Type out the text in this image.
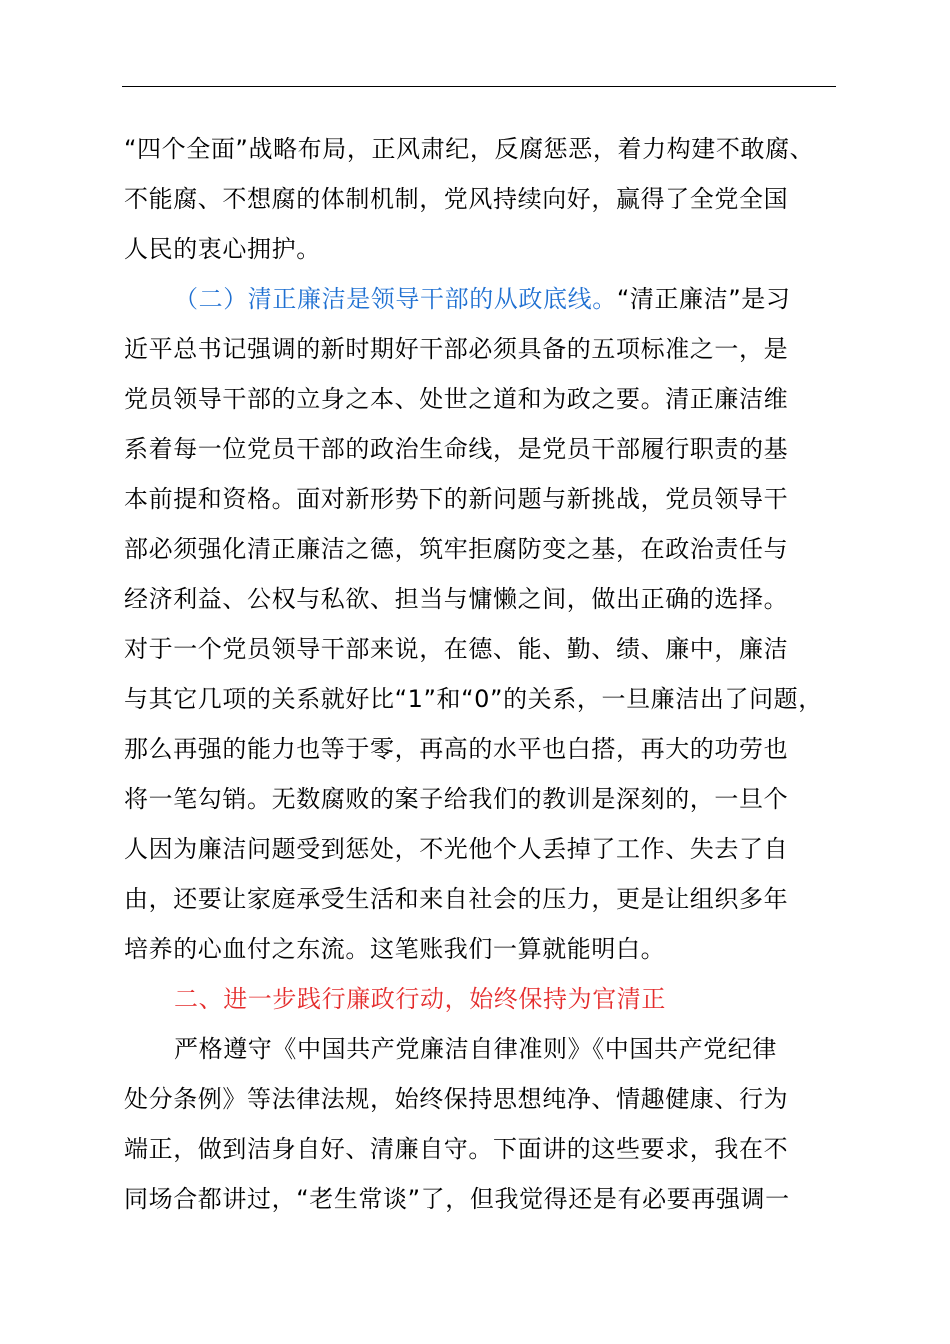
“四个全面”战略布局，正风肃纪，反腐惩恶，着力构建不敢腐、
不能腐、不想腐的体制机制，党风持续向好，赢得了全党全国
人民的衷心拥护。
（二）清正廉洁是领导干部的从政底线。“清正廉洁”是习
近平总书记强调的新时期好干部必须具备的五项标准之一，是
党员领导干部的立身之本、处世之道和为政之要。清正廉洁维
系着每一位党员干部的政治生命线，是党员干部履行职责的基
本前提和资格。面对新形势下的新问题与新挑战，党员领导干
部必须强化清正廉洁之德，筑牢拒腐防变之基，在政治责任与
经济利益、公权与私欲、担当与慵懒之间，做出正确的选择。
对于一个党员领导干部来说，在德、能、勤、绩、廉中，廉洁
与其它几项的关系就好比“1”和“0”的关系，一旦廉洁出了问题，
那么再强的能力也等于零，再高的水平也白搭，再大的功劳也
将一笔勾销。无数腐败的案子给我们的教训是深刻的，一旦个
人因为廉洁问题受到惩处，不光他个人丢掉了工作、失去了自
由，还要让家庭承受生活和来自社会的压力，更是让组织多年
培养的心血付之东流。这笔账我们一算就能明白。
二、进一步践行廉政行动，始终保持为官清正
严格遵守《中国共产党廉洁自律准则》《中国共产党纪律
处分条例》等法律法规，始终保持思想纯净、情趣健康、行为
端正，做到洁身自好、清廉自守。下面讲的这些要求，我在不
同场合都讲过，“老生常谈”了，但我觉得还是有必要再强调一
